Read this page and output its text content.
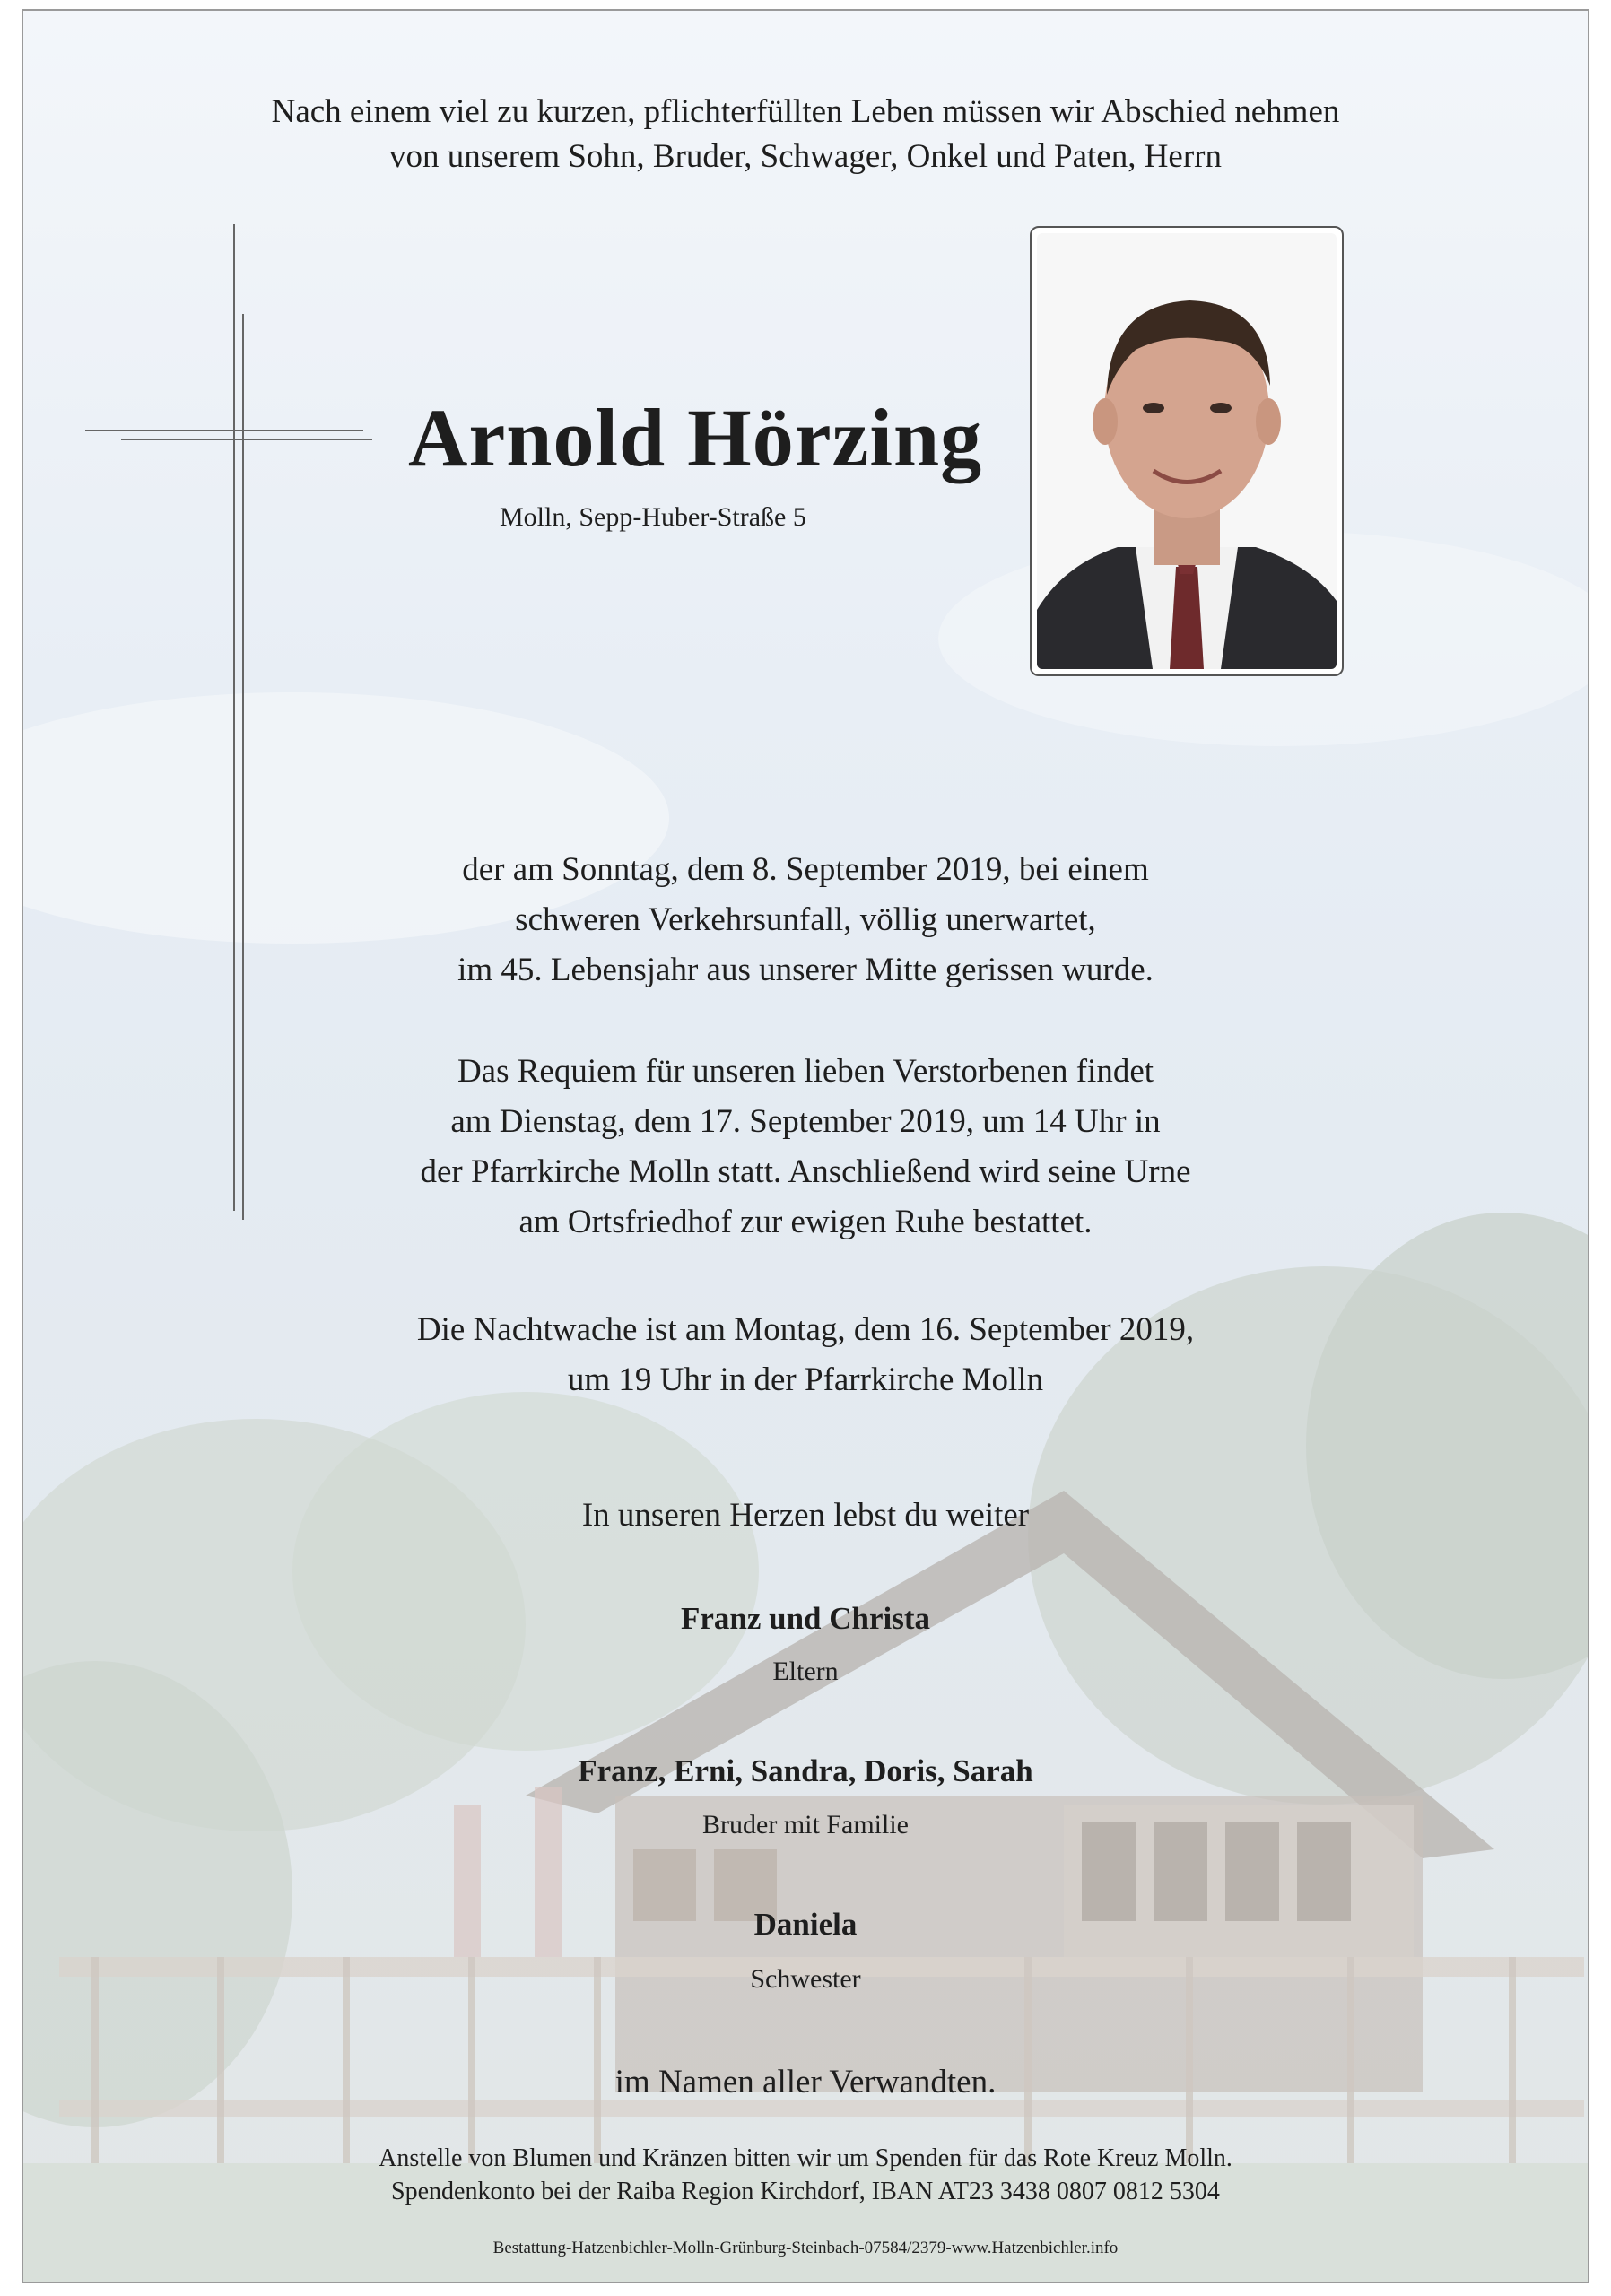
Nach einem viel zu kurzen, pflichterfüllten Leben müssen wir Abschied nehmen
von unserem Sohn, Bruder, Schwager, Onkel und Paten, Herrn
Arnold Hörzing
Molln, Sepp-Huber-Straße 5
der am Sonntag, dem 8. September 2019, bei einem
schweren Verkehrsunfall, völlig unerwartet,
im 45. Lebensjahr aus unserer Mitte gerissen wurde.
Das Requiem für unseren lieben Verstorbenen findet
am Dienstag, dem 17. September 2019, um 14 Uhr in
der Pfarrkirche Molln statt. Anschließend wird seine Urne
am Ortsfriedhof zur ewigen Ruhe bestattet.
Die Nachtwache ist am Montag, dem 16. September 2019,
um 19 Uhr in der Pfarrkirche Molln
In unseren Herzen lebst du weiter
Franz und Christa
Eltern
Franz, Erni, Sandra, Doris, Sarah
Bruder mit Familie
Daniela
Schwester
im Namen aller Verwandten.
Anstelle von Blumen und Kränzen bitten wir um Spenden für das Rote Kreuz Molln.
Spendenkonto bei der Raiba Region Kirchdorf, IBAN AT23 3438 0807 0812 5304
Bestattung-Hatzenbichler-Molln-Grünburg-Steinbach-07584/2379-www.Hatzenbichler.info
